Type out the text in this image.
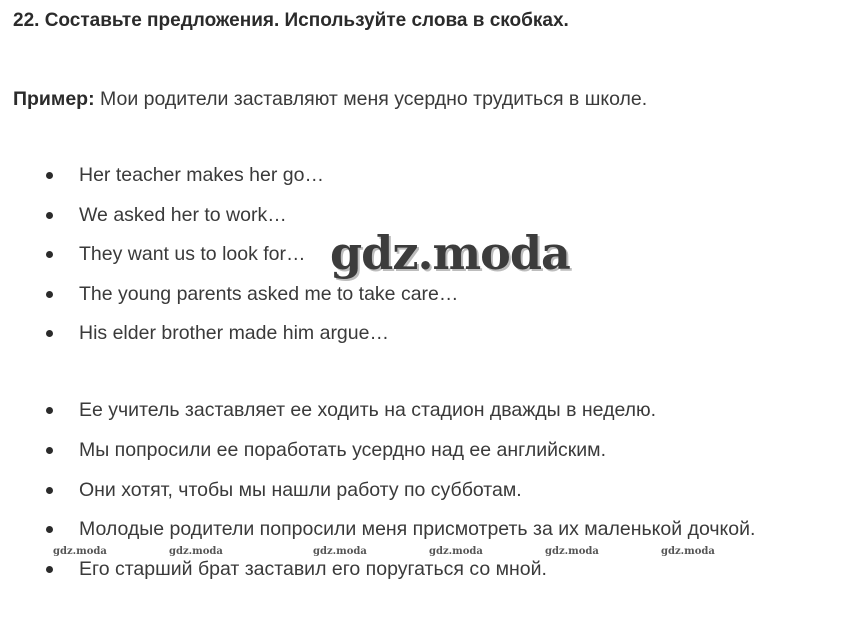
22. Составьте предложения. Используйте слова в скобках.
Пример: Мои родители заставляют меня усердно трудиться в школе.
Her teacher makes her go…
We asked her to work…
They want us to look for…
The young parents asked me to take care…
His elder brother made him argue…
Ее учитель заставляет ее ходить на стадион дважды в неделю.
Мы попросили ее поработать усердно над ее английским.
Они хотят, чтобы мы нашли работу по субботам.
Молодые родители попросили меня присмотреть за их маленькой дочкой.
Его старший брат заставил его поругаться со мной.
gdz.moda
gdz.moda	gdz.moda	gdz.moda	gdz.moda	gdz.moda	gdz.moda
